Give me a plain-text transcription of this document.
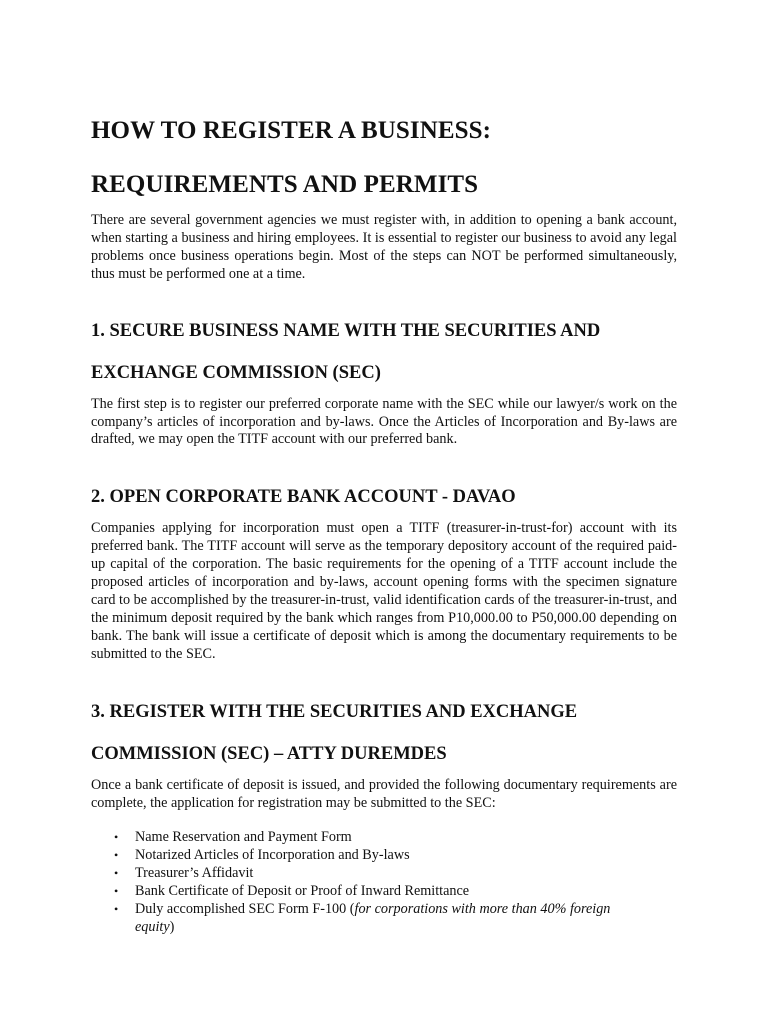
HOW TO REGISTER A BUSINESS:
REQUIREMENTS AND PERMITS

There are several government agencies we must register with, in addition to opening a bank account, when starting a business and hiring employees. It is essential to register our business to avoid any legal problems once business operations begin. Most of the steps can NOT be performed simultaneously, thus must be performed one at a time.

1. SECURE BUSINESS NAME WITH THE SECURITIES AND
EXCHANGE COMMISSION (SEC)

The first step is to register our preferred corporate name with the SEC while our lawyer/s work on the company’s articles of incorporation and by-laws. Once the Articles of Incorporation and By-laws are drafted, we may open the TITF account with our preferred bank.

2. OPEN CORPORATE BANK ACCOUNT - DAVAO

Companies applying for incorporation must open a TITF (treasurer-in-trust-for) account with its preferred bank. The TITF account will serve as the temporary depository account of the required paid-up capital of the corporation. The basic requirements for the opening of a TITF account include the proposed articles of incorporation and by-laws, account opening forms with the specimen signature card to be accomplished by the treasurer-in-trust, valid identification cards of the treasurer-in-trust, and the minimum deposit required by the bank which ranges from P10,000.00 to P50,000.00 depending on bank. The bank will issue a certificate of deposit which is among the documentary requirements to be submitted to the SEC.

3. REGISTER WITH THE SECURITIES AND EXCHANGE
COMMISSION (SEC) – ATTY DUREMDES

Once a bank certificate of deposit is issued, and provided the following documentary requirements are complete, the application for registration may be submitted to the SEC:

• Name Reservation and Payment Form
• Notarized Articles of Incorporation and By-laws
• Treasurer’s Affidavit
• Bank Certificate of Deposit or Proof of Inward Remittance
• Duly accomplished SEC Form F-100 (for corporations with more than 40% foreign equity)
